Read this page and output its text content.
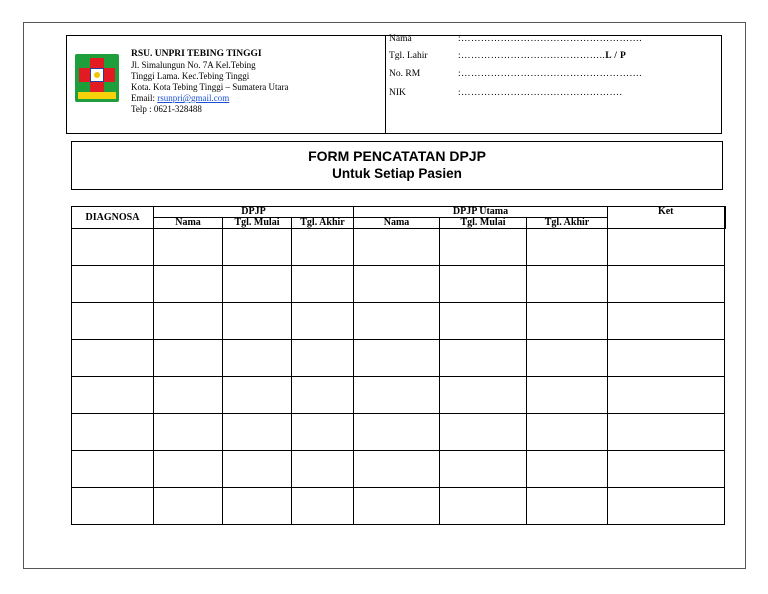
RSU. UNPRI TEBING TINGGI
Jl. Simalungun No. 7A Kel.Tebing
Tinggi Lama. Kec.Tebing Tinggi
Kota. Kota Tebing Tinggi – Sumatera Utara
Email: rsunpri@gmail.com
Telp : 0621-328488
Nama	:……………………………………………….
Tgl. Lahir	:……………………………………..L / P
No. RM	:……………………………………………….
NIK	:………………………………………….
FORM PENCATATAN DPJP
Untuk Setiap Pasien
DIAGNOSA	DPJP			DPJP Utama			Ket
	Nama	Tgl. Mulai	Tgl. Akhir	Nama	Tgl. Mulai	Tgl. Akhir	
